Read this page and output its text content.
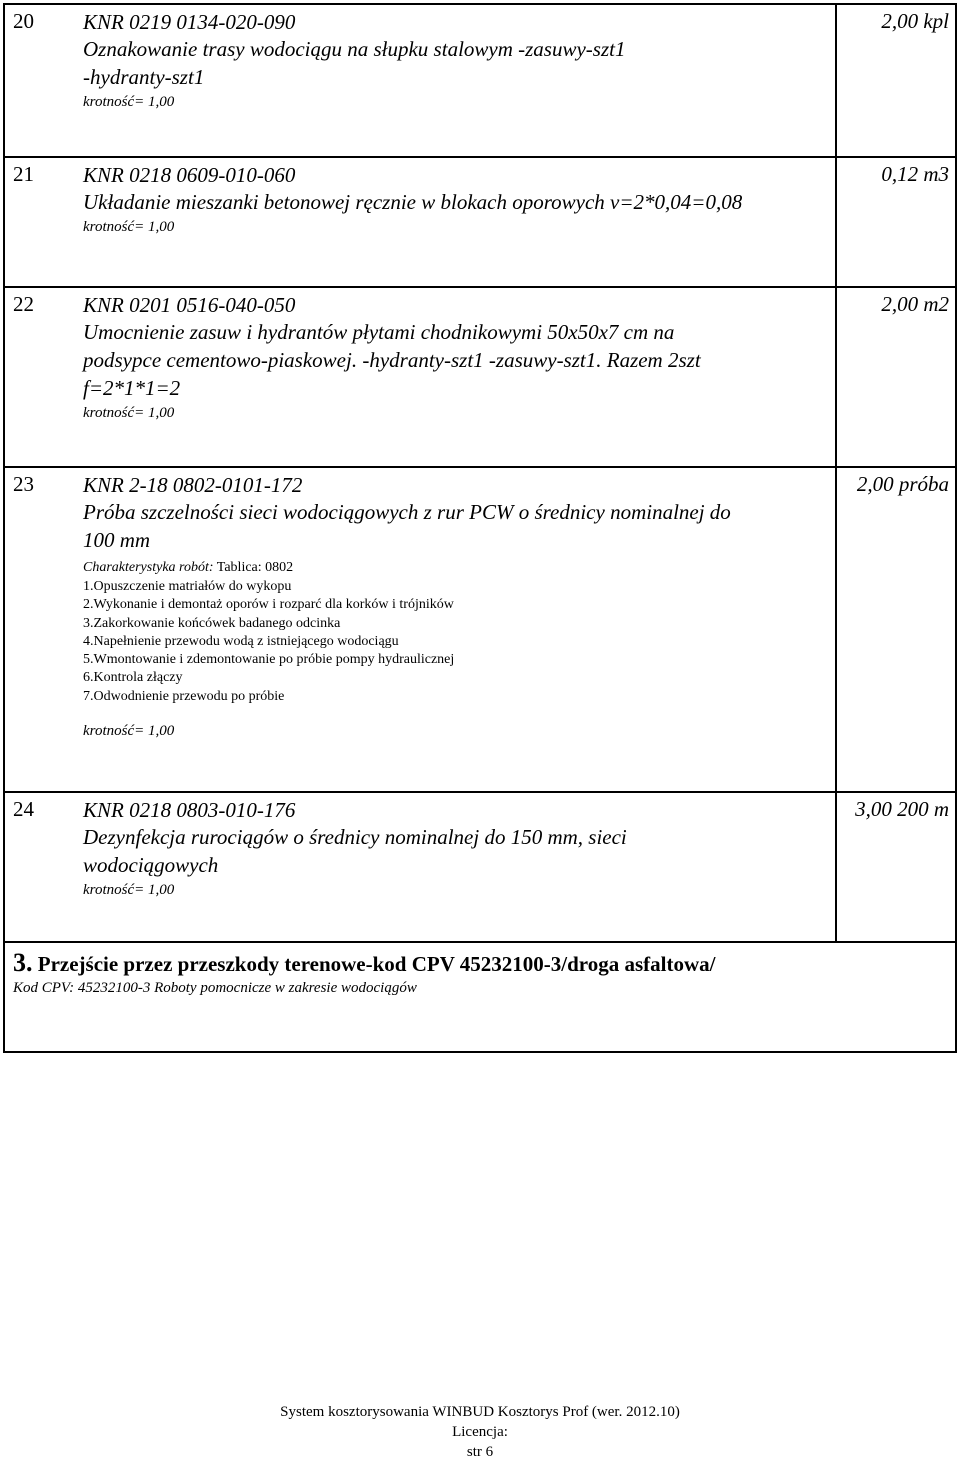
20 KNR 0219 0134-020-090
Oznakowanie trasy wodociągu na słupku stalowym -zasuwy-szt1
-hydranty-szt1
krotność= 1,00
2,00 kpl
21 KNR 0218 0609-010-060
Układanie mieszanki betonowej ręcznie w blokach oporowych v=2*0,04=0,08
krotność= 1,00
0,12 m3
22 KNR 0201 0516-040-050
Umocnienie zasuw i hydrantów płytami chodnikowymi 50x50x7 cm na
podsypce cementowo-piaskowej. -hydranty-szt1 -zasuwy-szt1. Razem 2szt
f=2*1*1=2
krotność= 1,00
2,00 m2
23 KNR 2-18 0802-0101-172
Próba szczelności sieci wodociągowych z rur PCW o średnicy nominalnej do
100 mm
Charakterystyka robót: Tablica: 0802
1.Opuszczenie matriałów do wykopu
2.Wykonanie i demontaż oporów i rozparć dla korków i trójników
3.Zakorkowanie końcówek badanego odcinka
4.Napełnienie przewodu wodą z istniejącego wodociągu
5.Wmontowanie i zdemontowanie po próbie pompy hydraulicznej
6.Kontrola złączy
7.Odwodnienie przewodu po próbie
krotność= 1,00
2,00 próba
24 KNR 0218 0803-010-176
Dezynfekcja rurociągów o średnicy nominalnej do 150 mm, sieci
wodociągowych
krotność= 1,00
3,00 200 m
3. Przejście przez przeszkody terenowe-kod CPV 45232100-3/droga asfaltowa/
Kod CPV: 45232100-3 Roboty pomocnicze w zakresie wodociągów
System kosztorysowania WINBUD Kosztorys Prof (wer. 2012.10)
Licencja:
str 6
